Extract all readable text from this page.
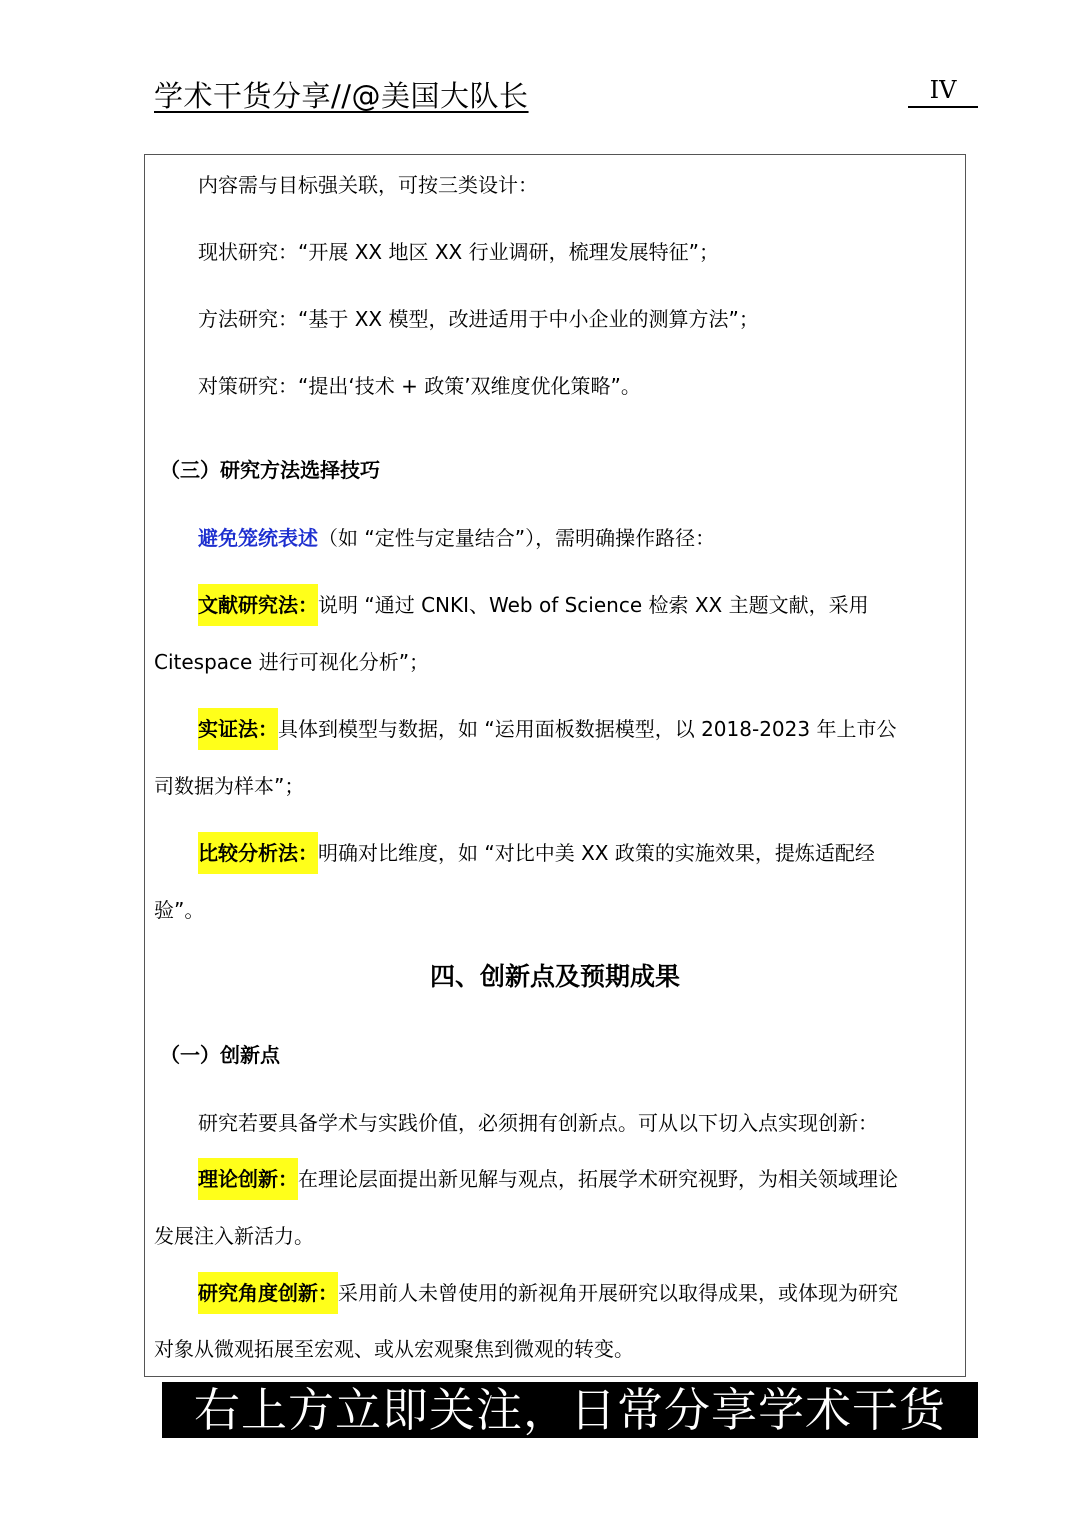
学术干货分享//@美国大队长	IV
内容需与目标强关联，可按三类设计：
现状研究：“开展 XX 地区 XX 行业调研，梳理发展特征”；
方法研究：“基于 XX 模型，改进适用于中小企业的测算方法”；
对策研究：“提出‘技术 + 政策’双维度优化策略”。
（三）研究方法选择技巧
避免笼统表述（如 “定性与定量结合”），需明确操作路径：
文献研究法：说明 “通过 CNKI、Web of Science 检索 XX 主题文献，采用
Citespace 进行可视化分析”；
实证法：具体到模型与数据，如 “运用面板数据模型，以 2018-2023 年上市公
司数据为样本”；
比较分析法：明确对比维度，如 “对比中美 XX 政策的实施效果，提炼适配经
验”。
四、创新点及预期成果
（一）创新点
研究若要具备学术与实践价值，必须拥有创新点。可从以下切入点实现创新：
理论创新：在理论层面提出新见解与观点，拓展学术研究视野，为相关领域理论
发展注入新活力。
研究角度创新：采用前人未曾使用的新视角开展研究以取得成果，或体现为研究
对象从微观拓展至宏观、或从宏观聚焦到微观的转变。
右上方立即关注，日常分享学术干货
